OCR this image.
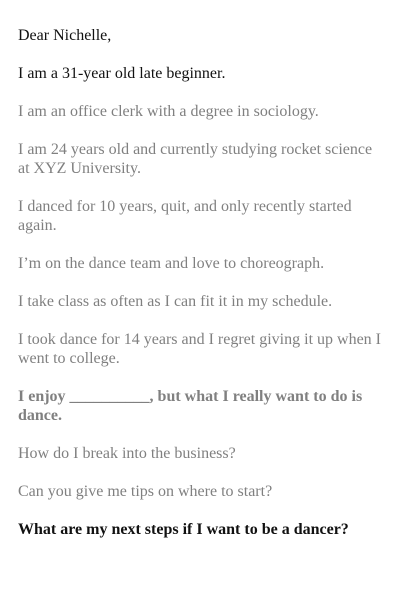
Dear Nichelle,

I am a 31-year old late beginner.

I am an office clerk with a degree in sociology.

I am 24 years old and currently studying rocket science at XYZ University.

I danced for 10 years, quit, and only recently started again.

I’m on the dance team and love to choreograph.

I take class as often as I can fit it in my schedule.

I took dance for 14 years and I regret giving it up when I went to college.

I enjoy __________, but what I really want to do is dance.

How do I break into the business?

Can you give me tips on where to start?

What are my next steps if I want to be a dancer?
